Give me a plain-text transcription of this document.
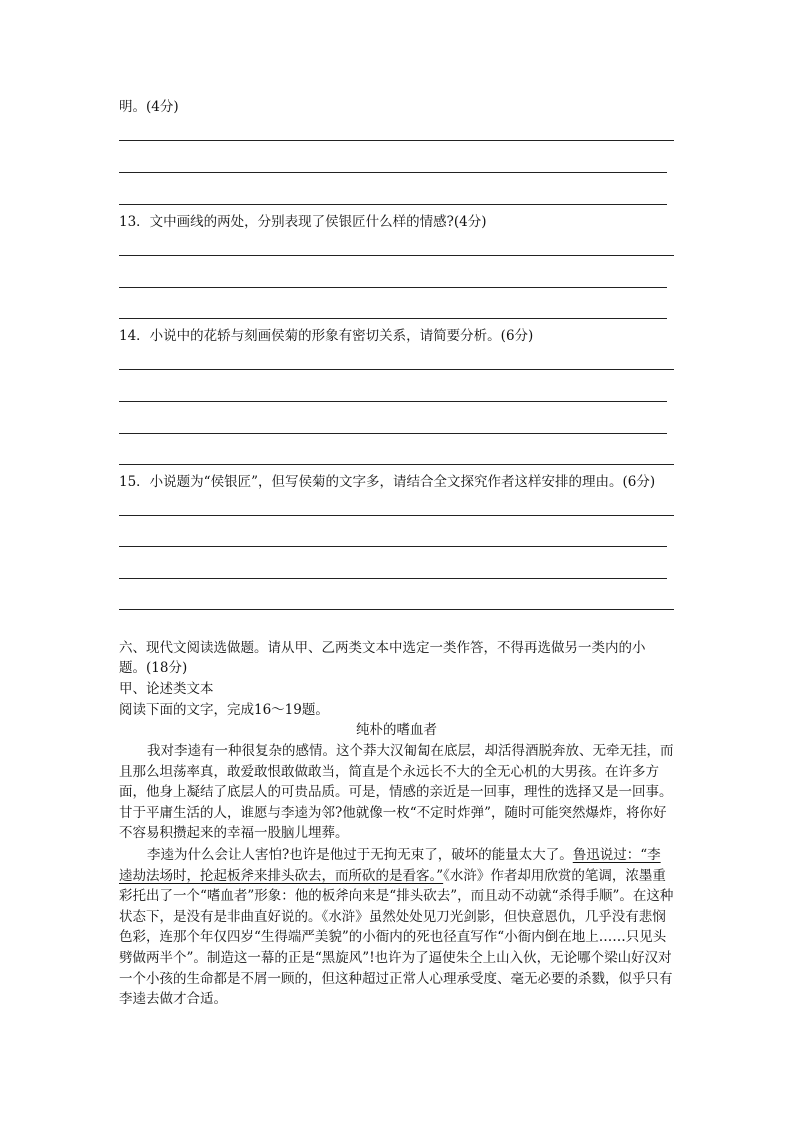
明。(4分)
13．文中画线的两处，分别表现了侯银匠什么样的情感?(4分)
14．小说中的花轿与刻画侯菊的形象有密切关系，请简要分析。(6分)
15．小说题为“侯银匠”，但写侯菊的文字多，请结合全文探究作者这样安排的理由。(6分)
六、现代文阅读选做题。请从甲、乙两类文本中选定一类作答，不得再选做另一类内的小
题。(18分)
甲、论述类文本
阅读下面的文字，完成16～19题。
纯朴的嗜血者
我对李逵有一种很复杂的感情。这个莽大汉匍匐在底层，却活得酒脱奔放、无牵无挂，而且那么坦荡率真，敢爱敢恨敢做敢当，简直是个永远长不大的全无心机的大男孩。在许多方面，他身上凝结了底层人的可贵品质。可是，情感的亲近是一回事，理性的选择又是一回事。甘于平庸生活的人，谁愿与李逵为邻?他就像一枚“不定时炸弹”，随时可能突然爆炸，将你好不容易积攒起来的幸福一股脑儿埋葬。
李逵为什么会让人害怕?也许是他过于无拘无束了，破坏的能量太大了。鲁迅说过：“李逵劫法场时，抡起板斧来排头砍去，而所砍的是看客。”《水浒》作者却用欣赏的笔调，浓墨重彩托出了一个“嗜血者”形象：他的板斧向来是“排头砍去”，而且动不动就“杀得手顺”。在这种状态下，是没有是非曲直好说的。《水浒》虽然处处见刀光剑影，但快意恩仇，几乎没有悲悯色彩，连那个年仅四岁“生得端严美貌”的小衙内的死也径直写作“小衙内倒在地上……只见头劈做两半个”。制造这一幕的正是“黑旋风”!也许为了逼使朱仝上山入伙，无论哪个梁山好汉对一个小孩的生命都是不屑一顾的，但这种超过正常人心理承受度、毫无必要的杀戮，似乎只有李逵去做才合适。
